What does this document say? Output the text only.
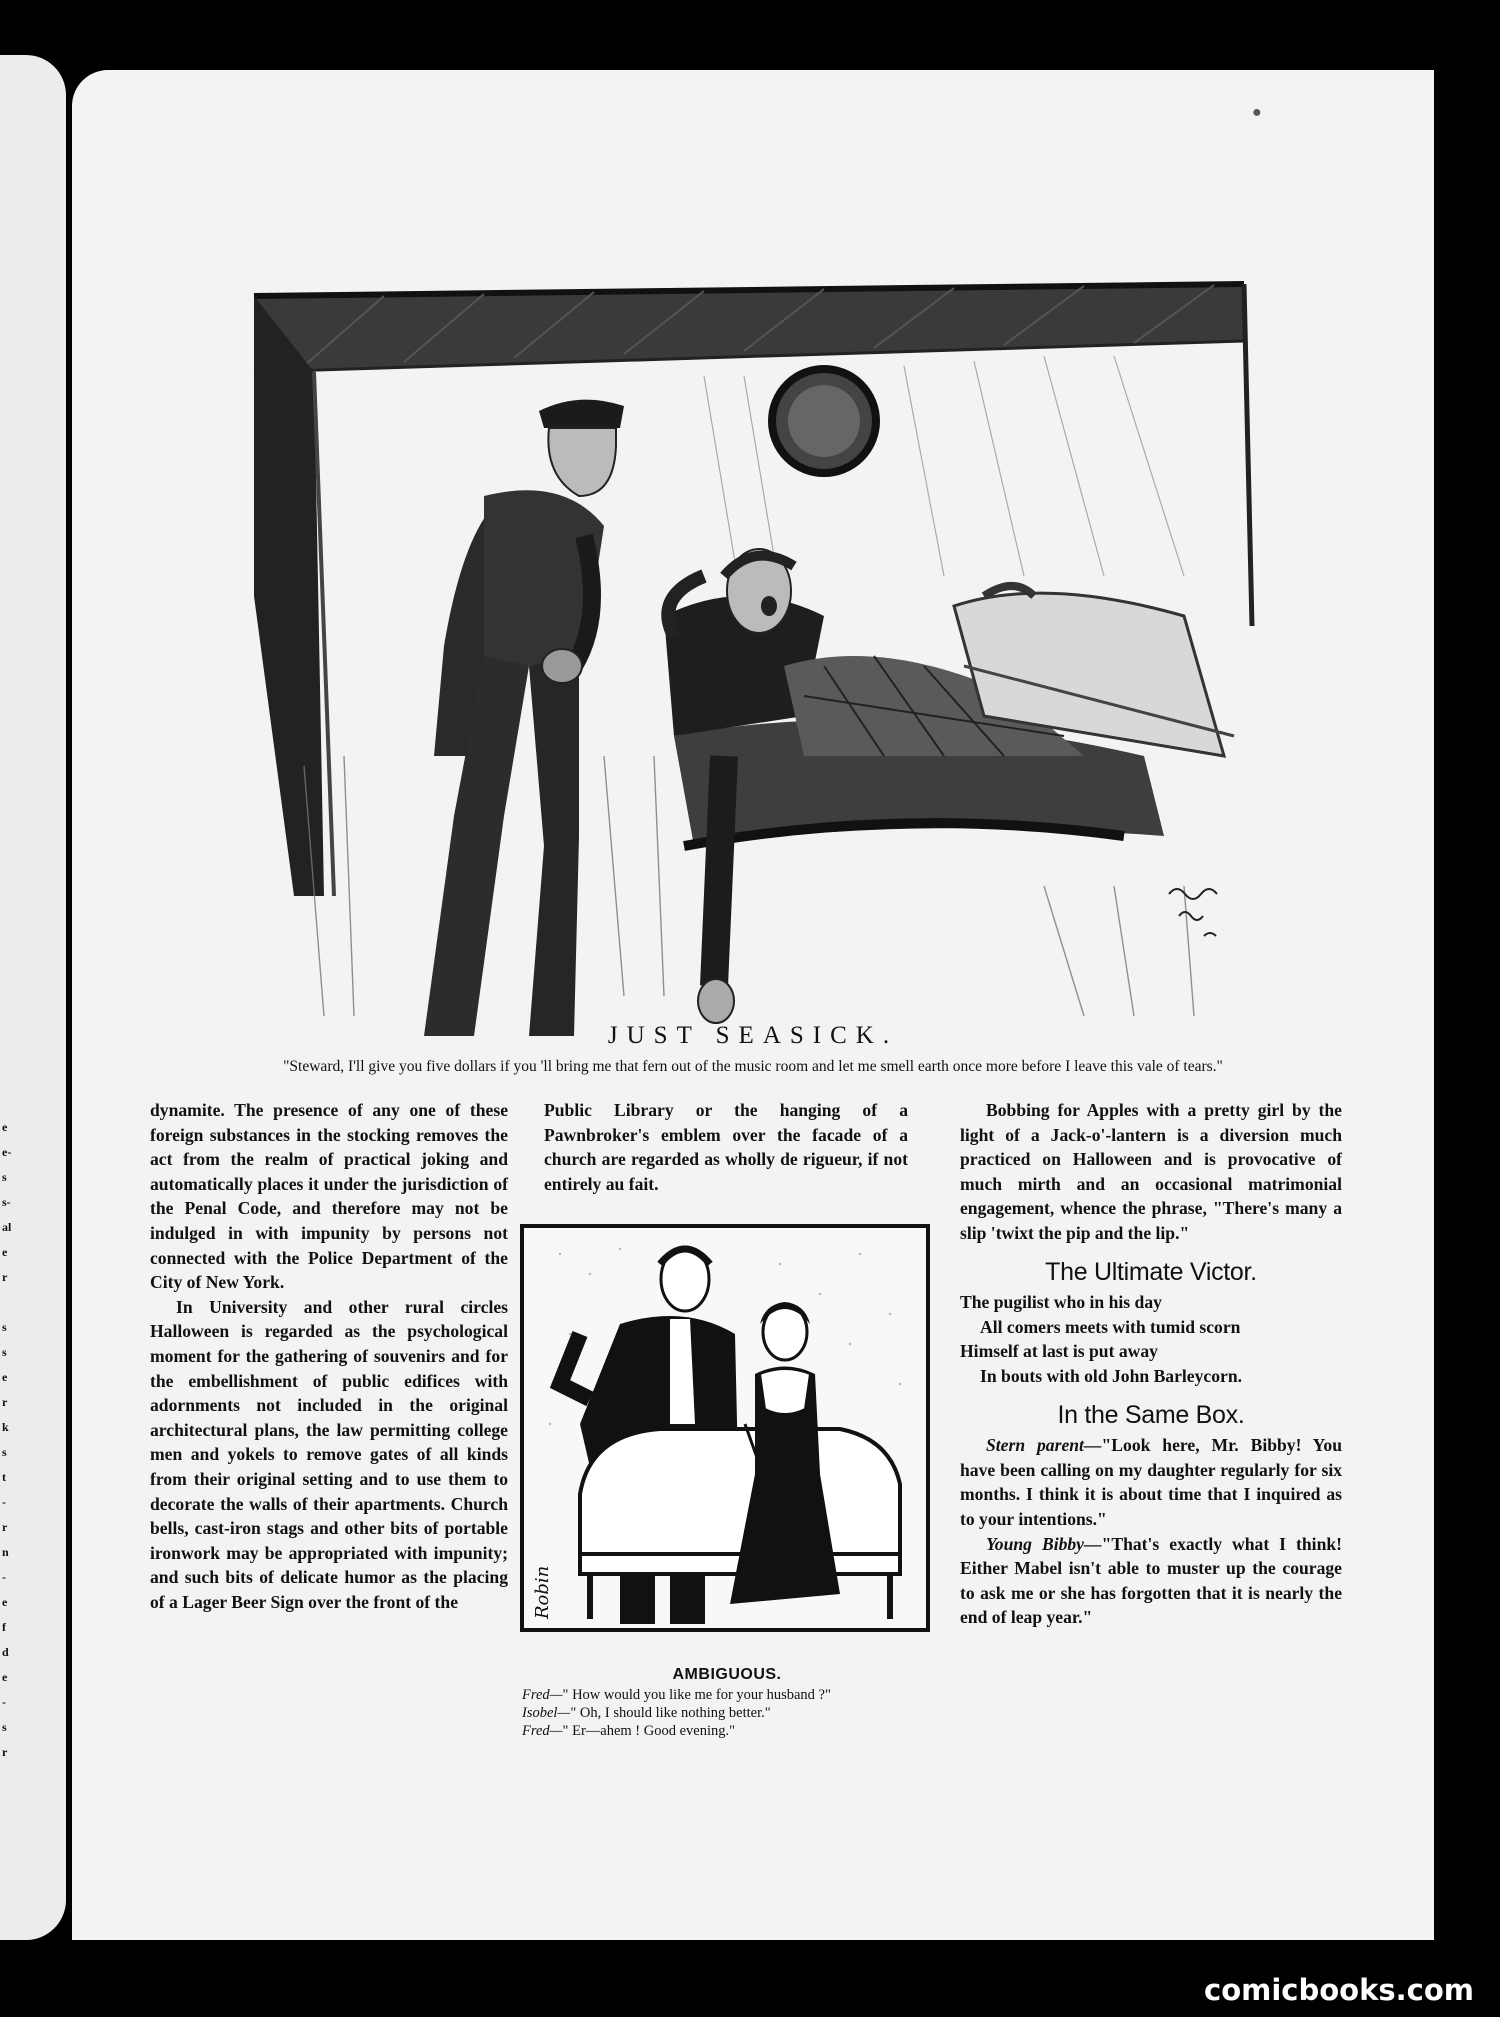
e
e-
s
s-
al
e
r
s
s
e
r
k
s
t
-
r
n
-
e
f
d
e
-
s
r
JUST SEASICK.
"Steward, I'll give you five dollars if you 'll bring me that fern out of the music room and let me smell earth once more before I leave this vale of tears."

dynamite. The presence of any one of these foreign substances in the stocking removes the act from the realm of practical joking and automatically places it under the jurisdiction of the Penal Code, and therefore may not be indulged in with impunity by persons not connected with the Police Department of the City of New York.

In University and other rural circles Halloween is regarded as the psychological moment for the gathering of souvenirs and for the embellishment of public edifices with adornments not included in the original architectural plans, the law permitting college men and yokels to remove gates of all kinds from their original setting and to use them to decorate the walls of their apartments. Church bells, cast-iron stags and other bits of portable ironwork may be appropriated with impunity; and such bits of delicate humor as the placing of a Lager Beer Sign over the front of the

Public Library or the hanging of a Pawnbroker's emblem over the facade of a church are regarded as wholly de rigueur, if not entirely au fait.

Robin
AMBIGUOUS.
Fred—" How would you like me for your husband ?"
Isobel—" Oh, I should like nothing better."
Fred—" Er—ahem ! Good evening."

Bobbing for Apples with a pretty girl by the light of a Jack-o'-lantern is a diversion much practiced on Halloween and is provocative of much mirth and an occasional matrimonial engagement, whence the phrase, "There's many a slip 'twixt the pip and the lip."

The Ultimate Victor.
The pugilist who in his day
All comers meets with tumid scorn
Himself at last is put away
In bouts with old John Barleycorn.
In the Same Box.

Stern parent—"Look here, Mr. Bibby! You have been calling on my daughter regularly for six months. I think it is about time that I inquired as to your intentions."

Young Bibby—"That's exactly what I think! Either Mabel isn't able to muster up the courage to ask me or she has forgotten that it is nearly the end of leap year."

●
comicbooks.com
